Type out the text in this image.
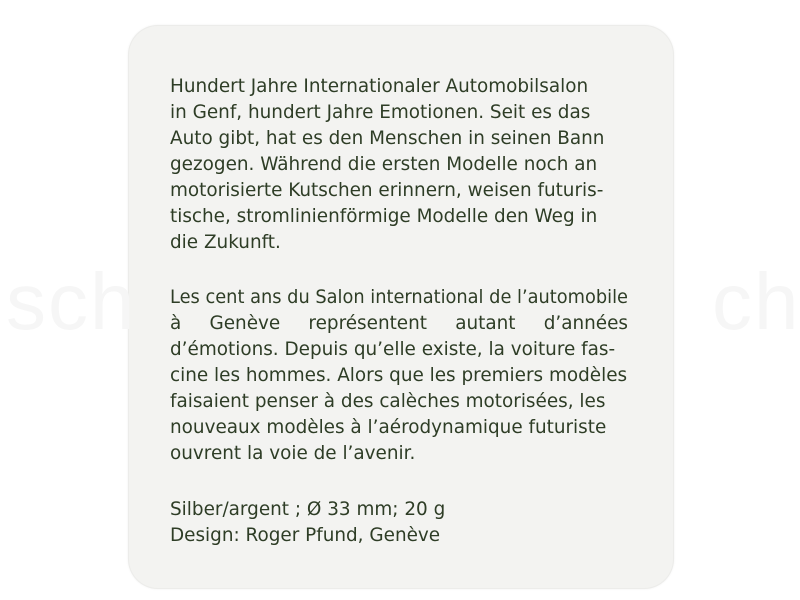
sch	ch
Hundert Jahre Internationaler Automobilsalon
in Genf, hundert Jahre Emotionen. Seit es das
Auto gibt, hat es den Menschen in seinen Bann
gezogen. Während die ersten Modelle noch an
motorisierte Kutschen erinnern, weisen futuris-
tische, stromlinienförmige Modelle den Weg in
die Zukunft.
Les cent ans du Salon international de l’automobile
à Genève représentent autant d’années
d’émotions. Depuis qu’elle existe, la voiture fas-
cine les hommes. Alors que les premiers modèles
faisaient penser à des calèches motorisées, les
nouveaux modèles à l’aérodynamique futuriste
ouvrent la voie de l’avenir.
Silber/argent ; Ø 33 mm; 20 g
Design: Roger Pfund, Genève
